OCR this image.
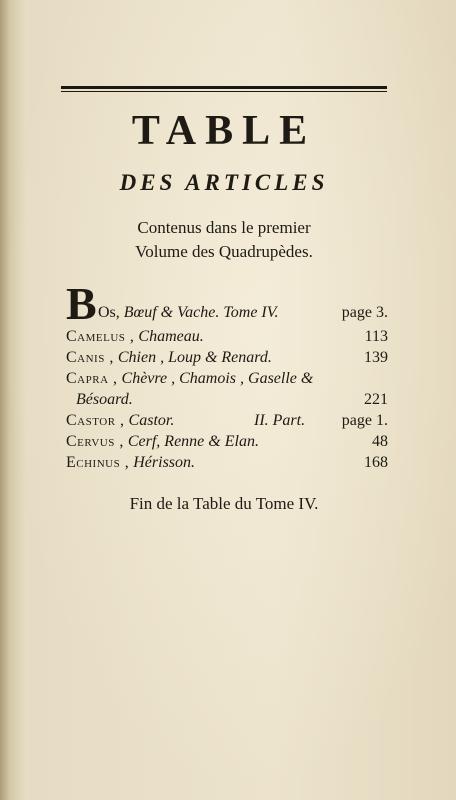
TABLE
DES ARTICLES
Contenus dans le premier
Volume des Quadrupèdes.
B Os, Bœuf & Vache. Tome IV.	page 3.
Camelus , Chameau.	113
Canis , Chien , Loup & Renard.	139
Capra , Chèvre , Chamois , Gaselle &
Bésoard.	221
Castor , Castor.	II. Part. page 1.
Cervus , Cerf, Renne & Elan.	48
Echinus , Hérisson.	168
Fin de la Table du Tome IV.
